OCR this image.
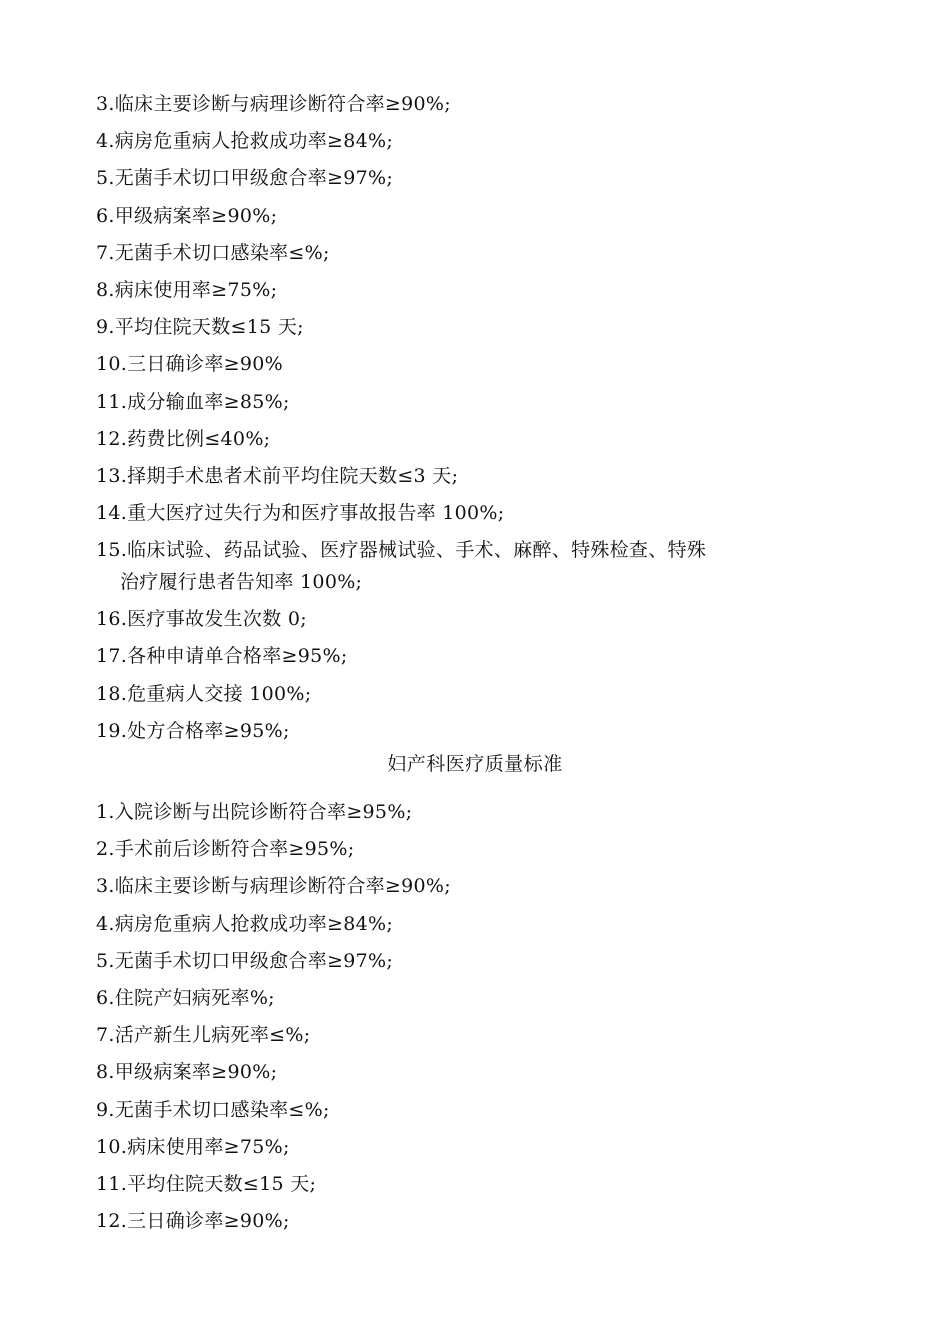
3.临床主要诊断与病理诊断符合率≥90%;
4.病房危重病人抢救成功率≥84%;
5.无菌手术切口甲级愈合率≥97%;
6.甲级病案率≥90%;
7.无菌手术切口感染率≤%;
8.病床使用率≥75%;
9.平均住院天数≤15 天;
10.三日确诊率≥90%
11.成分输血率≥85%;
12.药费比例≤40%;
13.择期手术患者术前平均住院天数≤3 天;
14.重大医疗过失行为和医疗事故报告率 100%;
15.临床试验、药品试验、医疗器械试验、手术、麻醉、特殊检查、特殊
治疗履行患者告知率 100%;
16.医疗事故发生次数 0;
17.各种申请单合格率≥95%;
18.危重病人交接 100%;
19.处方合格率≥95%;
妇产科医疗质量标准
1.入院诊断与出院诊断符合率≥95%;
2.手术前后诊断符合率≥95%;
3.临床主要诊断与病理诊断符合率≥90%;
4.病房危重病人抢救成功率≥84%;
5.无菌手术切口甲级愈合率≥97%;
6.住院产妇病死率%;
7.活产新生儿病死率≤%;
8.甲级病案率≥90%;
9.无菌手术切口感染率≤%;
10.病床使用率≥75%;
11.平均住院天数≤15 天;
12.三日确诊率≥90%;
